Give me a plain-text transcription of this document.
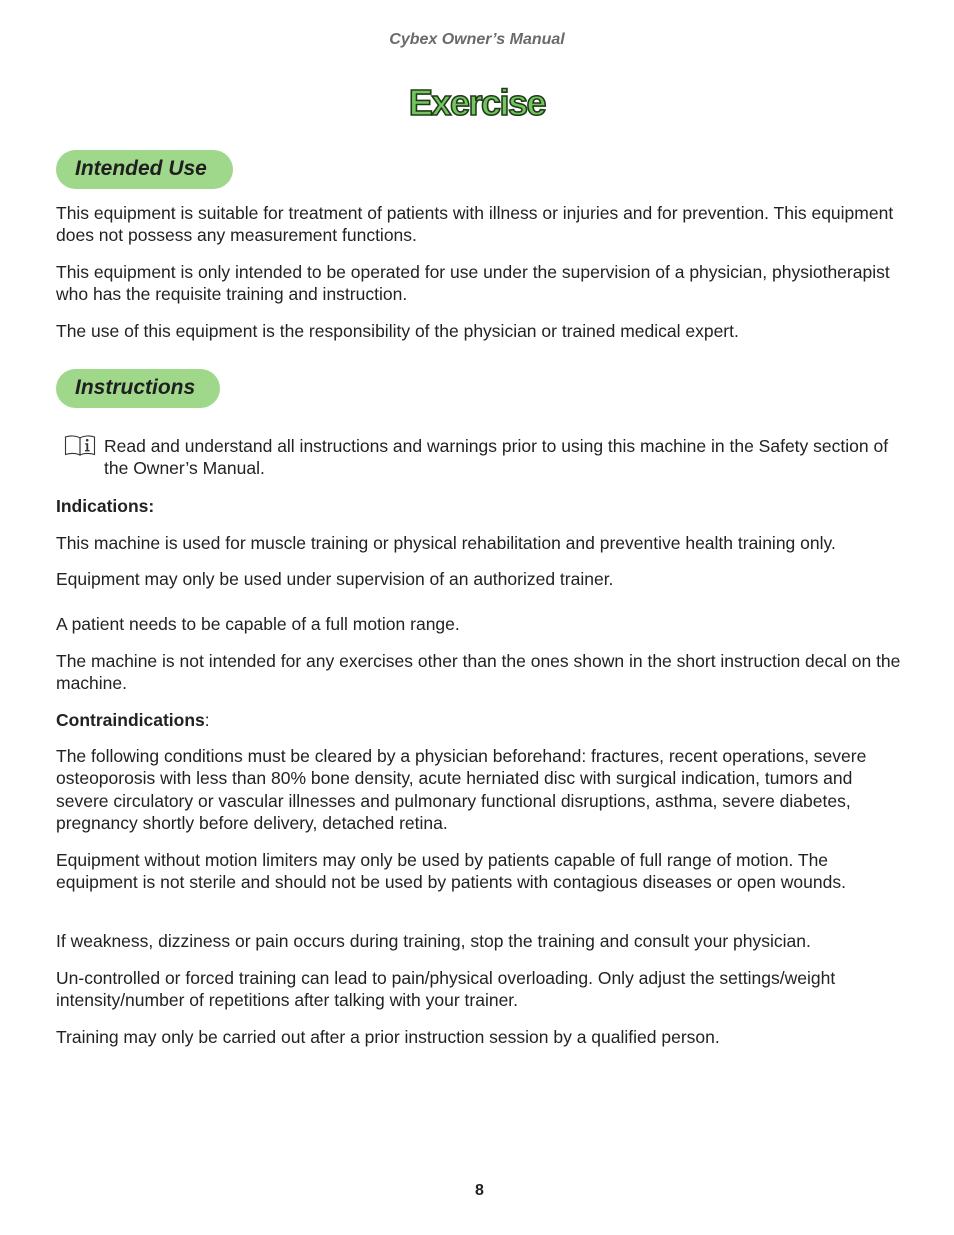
Cybex Owner’s Manual
Exercise
Intended Use

This equipment is suitable for treatment of patients with illness or injuries and for prevention. This equipment does not possess any measurement functions.

This equipment is only intended to be operated for use under the supervision of a physician, physiotherapist who has the requisite training and instruction.

The use of this equipment is the responsibility of the physician or trained medical expert.

Instructions

Read and understand all instructions and warnings prior to using this machine in the Safety section of the Owner’s Manual.

Indications:

This machine is used for muscle training or physical rehabilitation and preventive health training only.

Equipment may only be used under supervision of an authorized trainer.

A patient needs to be capable of a full motion range.

The machine is not intended for any exercises other than the ones shown in the short instruction decal on the machine.

Contraindications:

The following conditions must be cleared by a physician beforehand: fractures, recent operations, severe osteoporosis with less than 80% bone density, acute herniated disc with surgical indication, tumors and severe circulatory or vascular illnesses and pulmonary functional disruptions, asthma, severe diabetes, pregnancy shortly before delivery, detached retina.

Equipment without motion limiters may only be used by patients capable of full range of motion. The equipment is not sterile and should not be used by patients with contagious diseases or open wounds.

If weakness, dizziness or pain occurs during training, stop the training and consult your physician.

Un-controlled or forced training can lead to pain/physical overloading. Only adjust the settings/weight intensity/number of repetitions after talking with your trainer.

Training may only be carried out after a prior instruction session by a qualified person.

8
